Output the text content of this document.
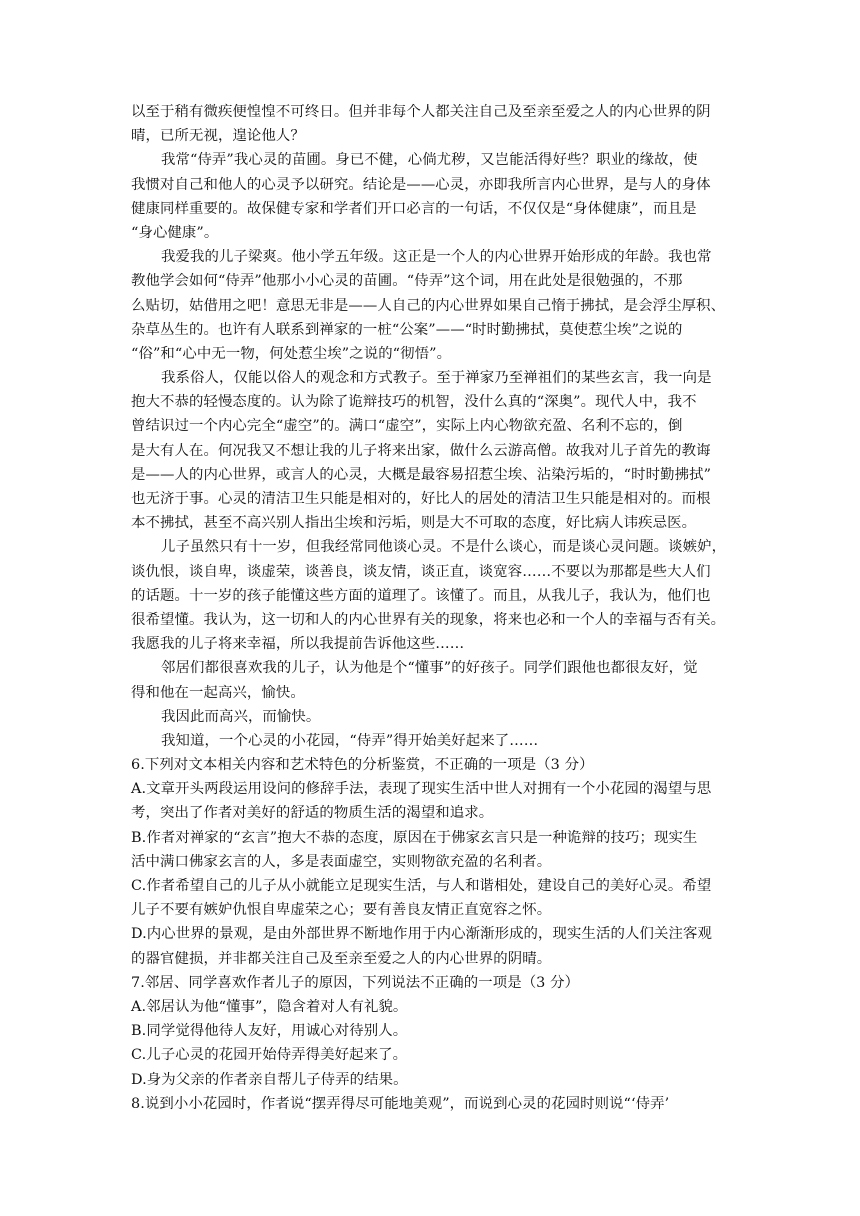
以至于稍有微疾便惶惶不可终日。但并非每个人都关注自己及至亲至爱之人的内心世界的阴
晴，已所无视，遑论他人？
我常“侍弄”我心灵的苗圃。身已不健，心倘尤秽，又岂能活得好些？职业的缘故，使
我惯对自己和他人的心灵予以研究。结论是——心灵，亦即我所言内心世界，是与人的身体
健康同样重要的。故保健专家和学者们开口必言的一句话，不仅仅是“身体健康”，而且是
“身心健康”。
我爱我的儿子梁爽。他小学五年级。这正是一个人的内心世界开始形成的年龄。我也常
教他学会如何“侍弄”他那小小心灵的苗圃。“侍弄”这个词，用在此处是很勉强的，不那
么贴切，姑借用之吧！意思无非是——人自己的内心世界如果自己惰于拂拭，是会浮尘厚积、
杂草丛生的。也许有人联系到禅家的一桩“公案”——“时时勤拂拭，莫使惹尘埃”之说的
“俗”和“心中无一物，何处惹尘埃”之说的“彻悟”。
我系俗人，仅能以俗人的观念和方式教子。至于禅家乃至禅祖们的某些玄言，我一向是
抱大不恭的轻慢态度的。认为除了诡辩技巧的机智，没什么真的“深奥”。现代人中，我不
曾结识过一个内心完全“虚空”的。满口“虚空”，实际上内心物欲充盈、名利不忘的，倒
是大有人在。何况我又不想让我的儿子将来出家，做什么云游高僧。故我对儿子首先的教诲
是——人的内心世界，或言人的心灵，大概是最容易招惹尘埃、沾染污垢的，“时时勤拂拭”
也无济于事。心灵的清洁卫生只能是相对的，好比人的居处的清洁卫生只能是相对的。而根
本不拂拭，甚至不高兴别人指出尘埃和污垢，则是大不可取的态度，好比病人讳疾忌医。
儿子虽然只有十一岁，但我经常同他谈心灵。不是什么谈心，而是谈心灵问题。谈嫉妒，
谈仇恨，谈自卑，谈虚荣，谈善良，谈友情，谈正直，谈宽容……不要以为那都是些大人们
的话题。十一岁的孩子能懂这些方面的道理了。该懂了。而且，从我儿子，我认为，他们也
很希望懂。我认为，这一切和人的内心世界有关的现象，将来也必和一个人的幸福与否有关。
我愿我的儿子将来幸福，所以我提前告诉他这些……
邻居们都很喜欢我的儿子，认为他是个“懂事”的好孩子。同学们跟他也都很友好，觉
得和他在一起高兴，愉快。
我因此而高兴，而愉快。
我知道，一个心灵的小花园，“侍弄”得开始美好起来了……
6.下列对文本相关内容和艺术特色的分析鉴赏，不正确的一项是（3 分）
A.文章开头两段运用设问的修辞手法，表现了现实生活中世人对拥有一个小花园的渴望与思
考，突出了作者对美好的舒适的物质生活的渴望和追求。
B.作者对禅家的“玄言”抱大不恭的态度，原因在于佛家玄言只是一种诡辩的技巧；现实生
活中满口佛家玄言的人，多是表面虚空，实则物欲充盈的名利者。
C.作者希望自己的儿子从小就能立足现实生活，与人和谐相处，建设自己的美好心灵。希望
儿子不要有嫉妒仇恨自卑虚荣之心；要有善良友情正直宽容之怀。
D.内心世界的景观，是由外部世界不断地作用于内心渐渐形成的，现实生活的人们关注客观
的器官健损，并非都关注自己及至亲至爱之人的内心世界的阴晴。
7.邻居、同学喜欢作者儿子的原因，下列说法不正确的一项是（3 分）
A.邻居认为他“懂事”，隐含着对人有礼貌。
B.同学觉得他待人友好，用诚心对待别人。
C.儿子心灵的花园开始侍弄得美好起来了。
D.身为父亲的作者亲自帮儿子侍弄的结果。
8.说到小小花园时，作者说“摆弄得尽可能地美观”，而说到心灵的花园时则说“‘侍弄’
